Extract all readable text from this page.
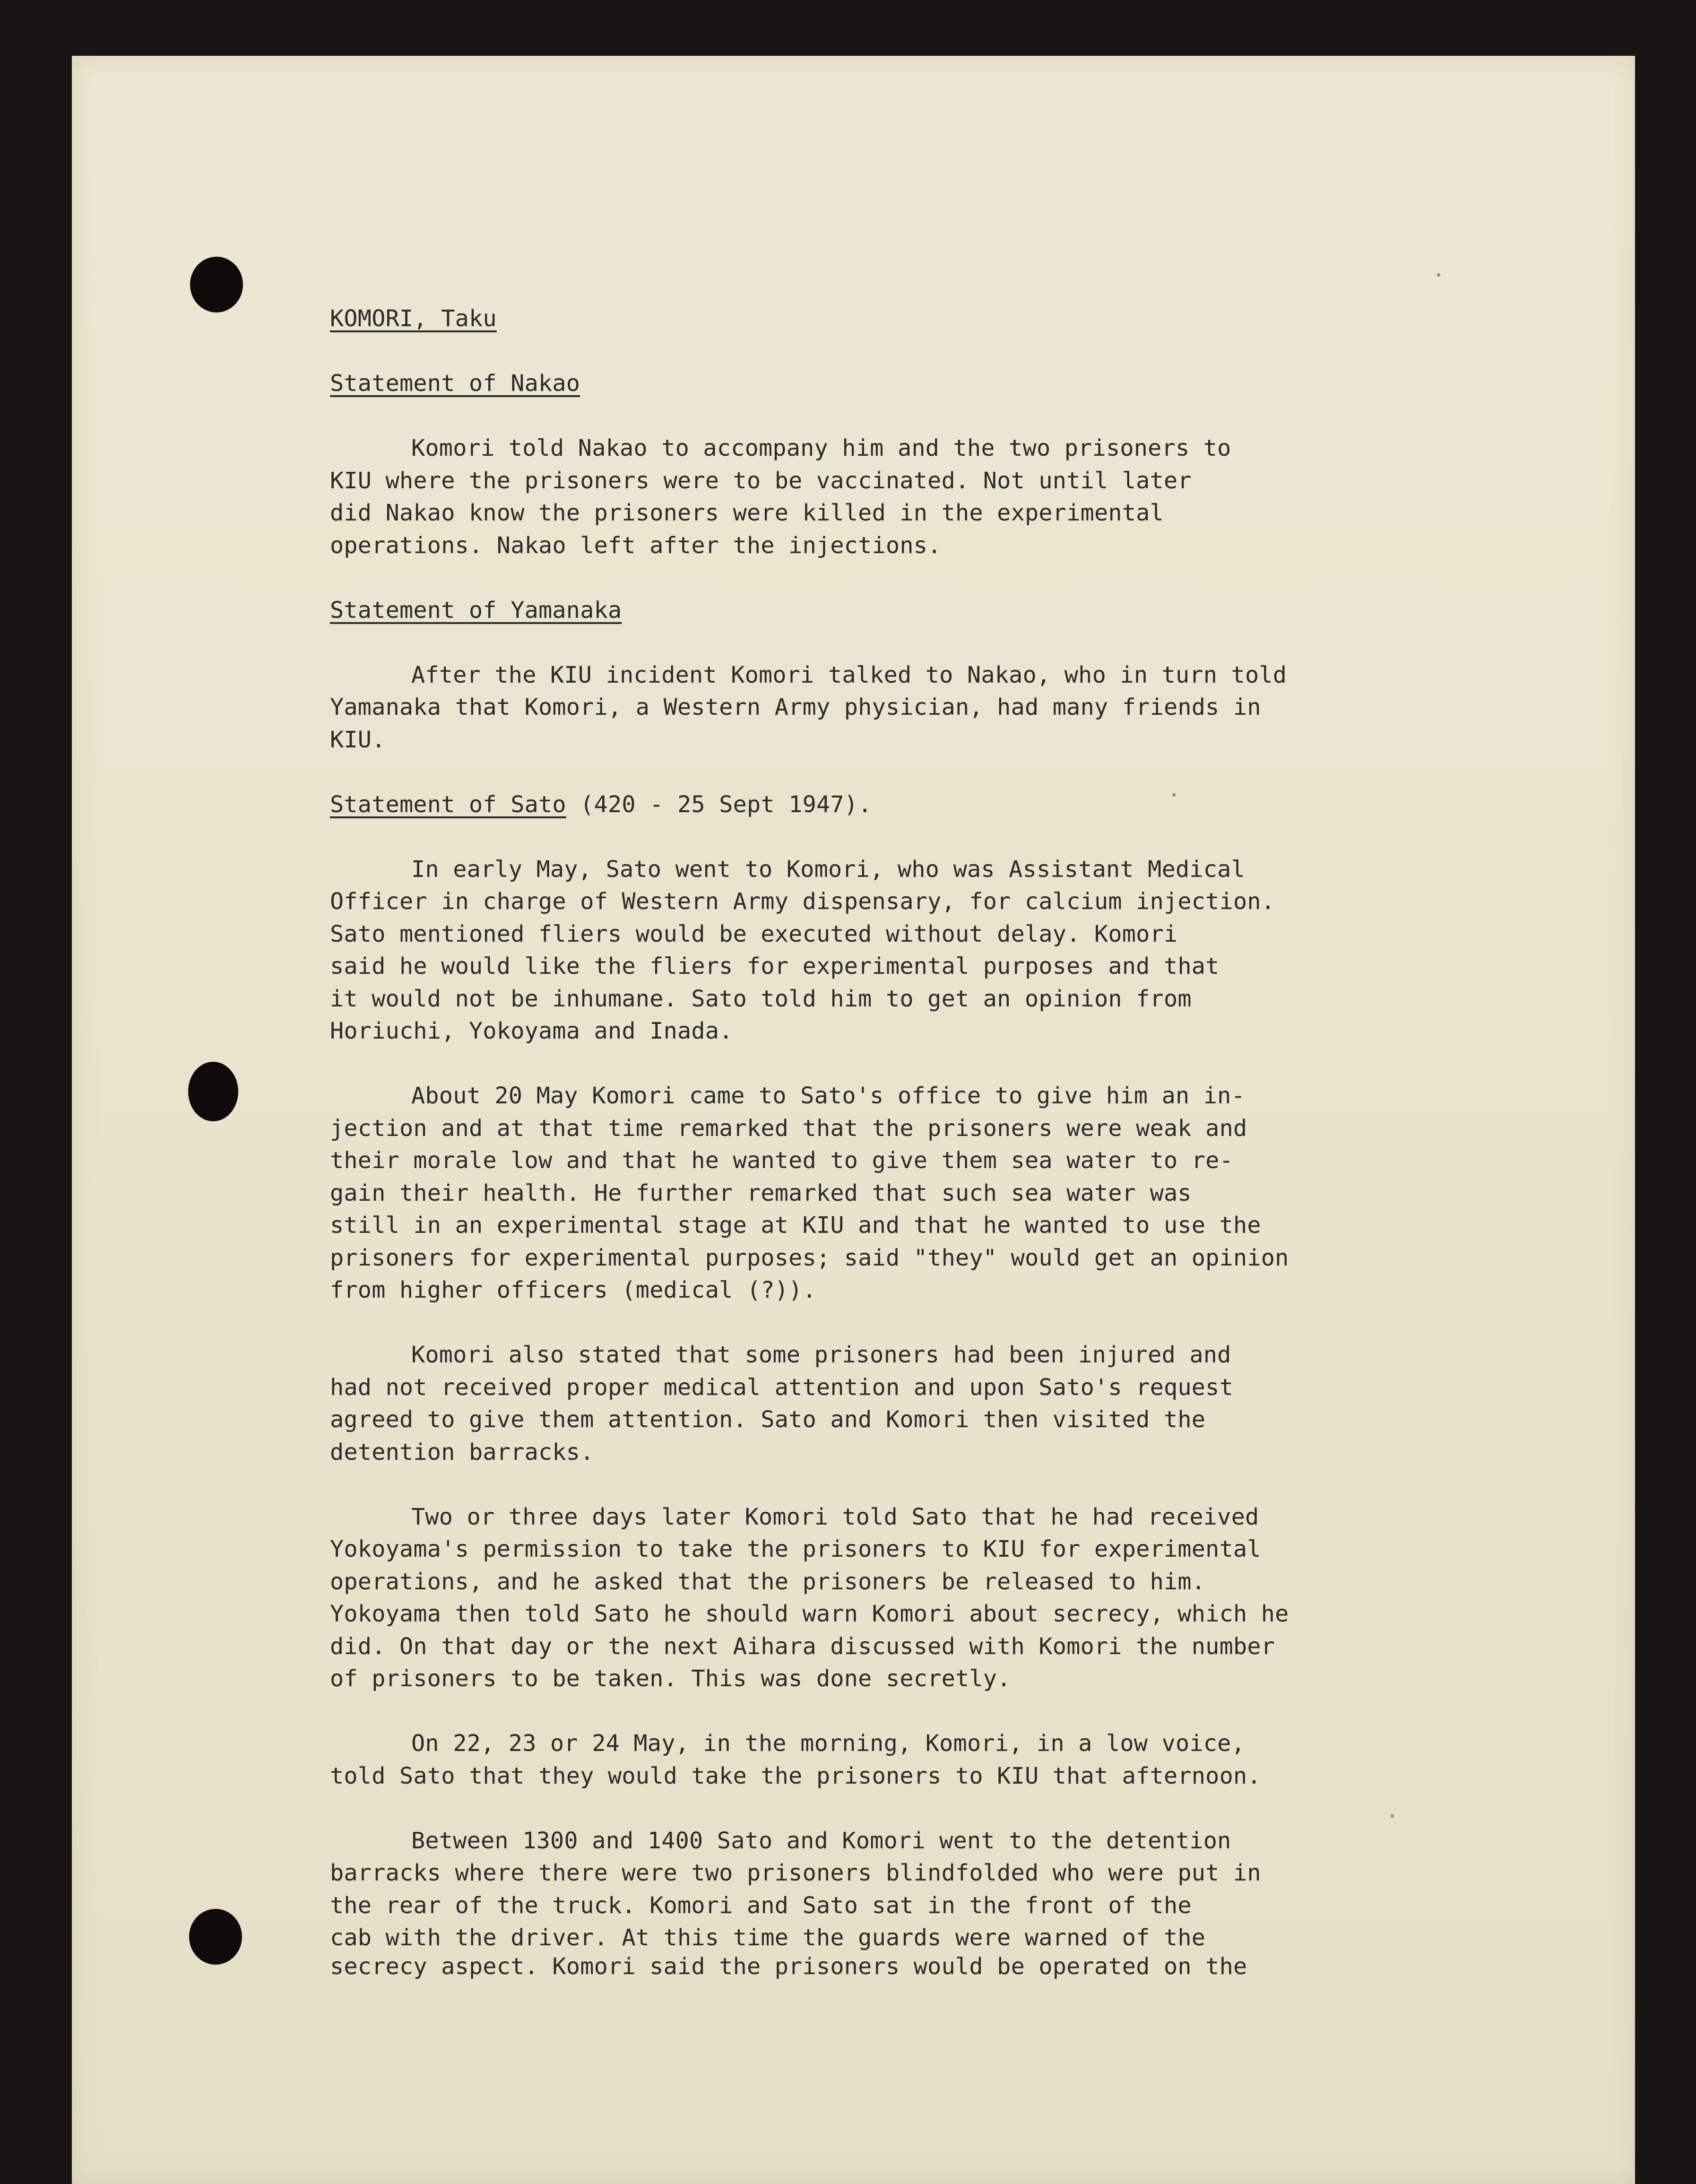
KOMORI, Taku
Statement of Nakao

Komori told Nakao to accompany him and the two prisoners to
KIU where the prisoners were to be vaccinated. Not until later
did Nakao know the prisoners were killed in the experimental
operations. Nakao left after the injections.

Statement of Yamanaka

After the KIU incident Komori talked to Nakao, who in turn told
Yamanaka that Komori, a Western Army physician, had many friends in
KIU.

Statement of Sato (420 - 25 Sept 1947).

In early May, Sato went to Komori, who was Assistant Medical
Officer in charge of Western Army dispensary, for calcium injection.
Sato mentioned fliers would be executed without delay. Komori
said he would like the fliers for experimental purposes and that
it would not be inhumane. Sato told him to get an opinion from
Horiuchi, Yokoyama and Inada.

About 20 May Komori came to Sato's office to give him an in-
jection and at that time remarked that the prisoners were weak and
their morale low and that he wanted to give them sea water to re-
gain their health. He further remarked that such sea water was
still in an experimental stage at KIU and that he wanted to use the
prisoners for experimental purposes; said "they" would get an opinion
from higher officers (medical (?)).

Komori also stated that some prisoners had been injured and
had not received proper medical attention and upon Sato's request
agreed to give them attention. Sato and Komori then visited the
detention barracks.

Two or three days later Komori told Sato that he had received
Yokoyama's permission to take the prisoners to KIU for experimental
operations, and he asked that the prisoners be released to him.
Yokoyama then told Sato he should warn Komori about secrecy, which he
did. On that day or the next Aihara discussed with Komori the number
of prisoners to be taken. This was done secretly.

On 22, 23 or 24 May, in the morning, Komori, in a low voice,
told Sato that they would take the prisoners to KIU that afternoon.

Between 1300 and 1400 Sato and Komori went to the detention
barracks where there were two prisoners blindfolded who were put in
the rear of the truck. Komori and Sato sat in the front of the
cab with the driver. At this time the guards were warned of the
secrecy aspect. Komori said the prisoners would be operated on the
